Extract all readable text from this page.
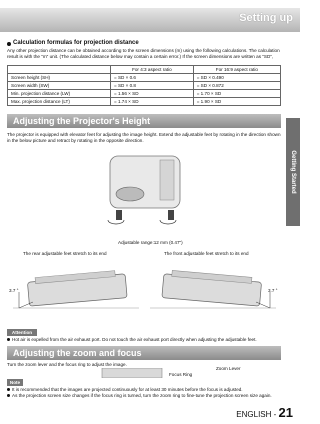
Setting up
Getting Started
Calculation formulas for projection distance
Any other projection distance can be obtained according to the screen dimensions (m) using the following calculations. The calculation result is with the "m" unit. (The calculated distance below may contain a certain error.) If the screen dimensions are written as "SD",
	For 4:3 aspect ratio	For 16:9 aspect ratio
Screen height (SH)	= SD × 0.6	= SD × 0.490
Screen width (SW)	= SD × 0.8	= SD × 0.872
Min. projection distance (LW)	= 1.56 × SD	= 1.70 × SD
Max. projection distance (LT)	= 1.74 × SD	= 1.90 × SD
Adjusting the Projector's Height
The projector is equipped with elevator feet for adjusting the image height. Extend the adjustable feet by rotating in the direction shown in the below picture and retract by rotating in the opposite direction.
Adjustable range:12 mm (0.47")
The rear adjustable feet stretch to its end	The front adjustable feet stretch to its end
3.7 °	3.7 °
Attention
Hot air is expelled from the air exhaust port. Do not touch the air exhaust port directly when adjusting the adjustable feet.
Adjusting the zoom and focus
Turn the zoom lever and the focus ring to adjust the image.
Zoom Lever
Focus Ring
Note
It is recommended that the images are projected continuously for at least 30 minutes before the focus is adjusted.
As the projection screen size changes if the focus ring is turned, turn the zoom ring to fine-tune the projection screen size again.
ENGLISH - 21
